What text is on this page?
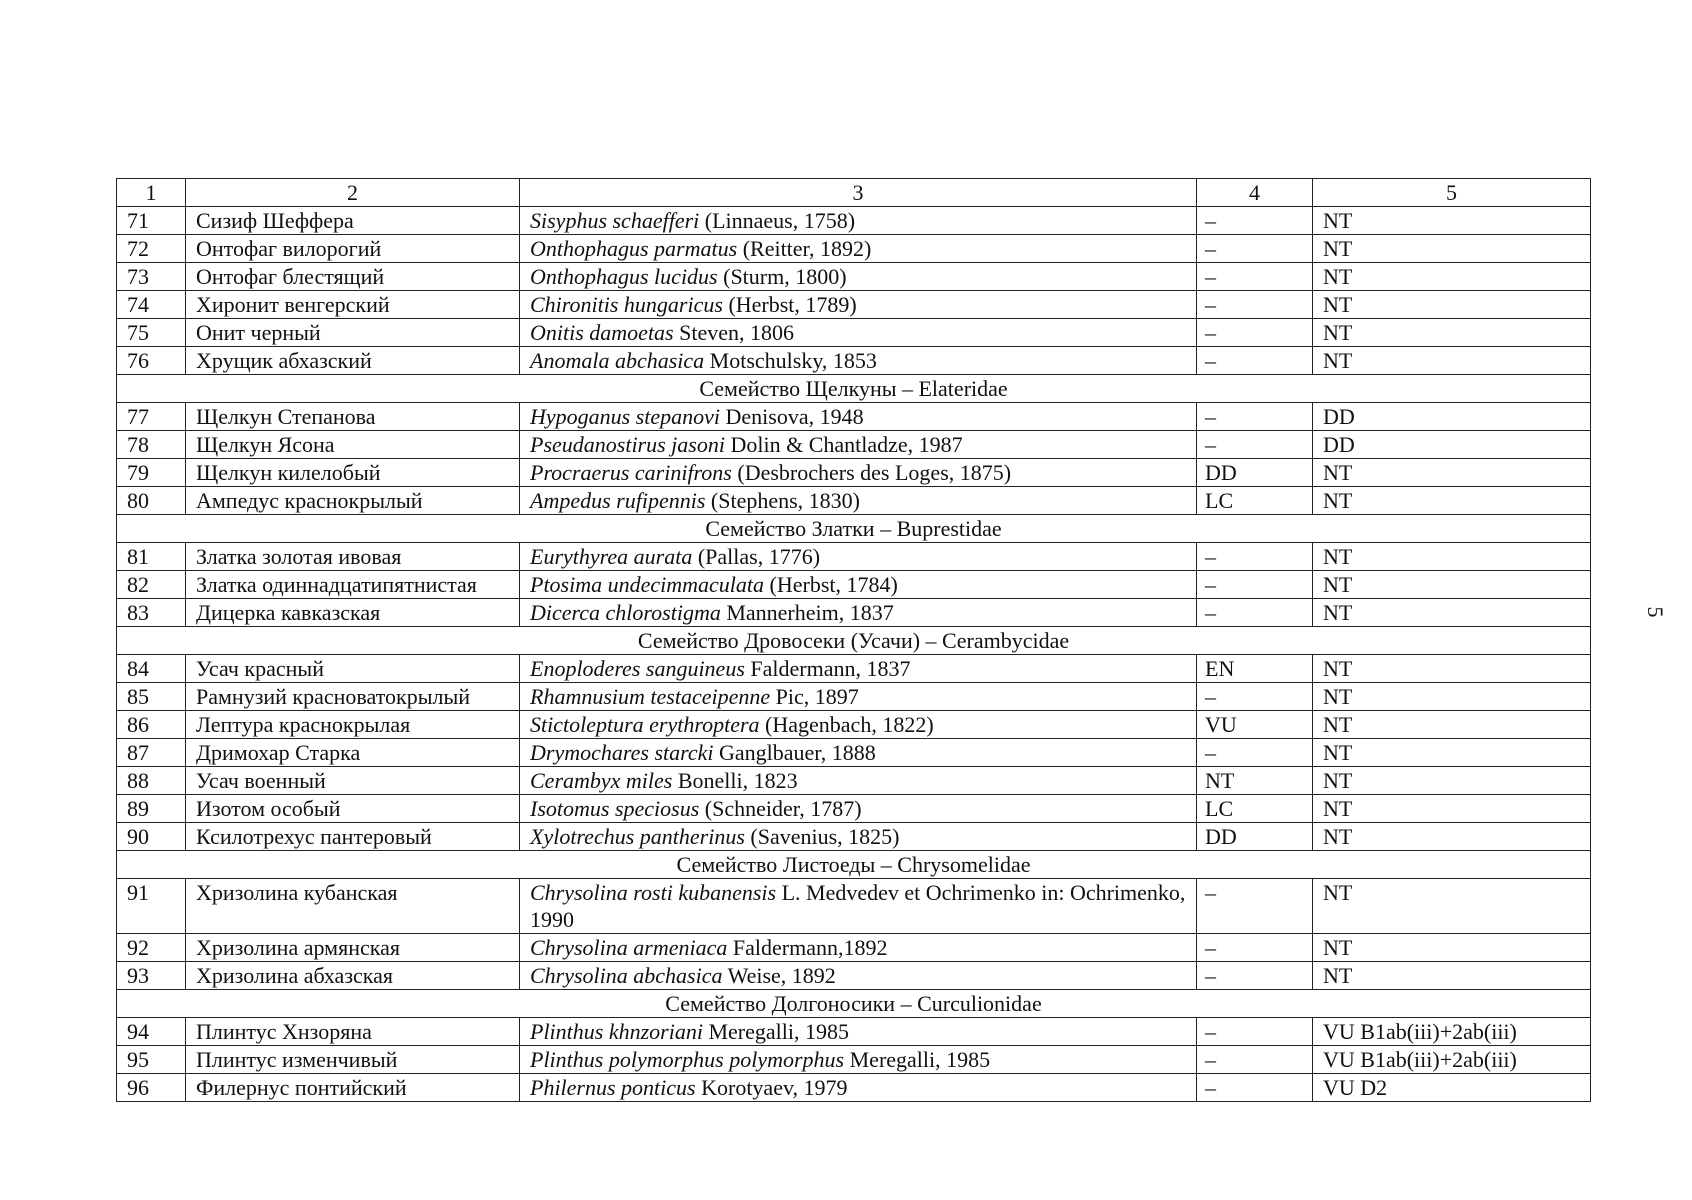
1	2	3	4	5
71	Сизиф Шеффера	Sisyphus schaefferi (Linnaeus, 1758)	–	NT
72	Онтофаг вилорогий	Onthophagus parmatus (Reitter, 1892)	–	NT
73	Онтофаг блестящий	Onthophagus lucidus (Sturm, 1800)	–	NT
74	Хиронит венгерский	Chironitis hungaricus (Herbst, 1789)	–	NT
75	Онит черный	Onitis damoetas Steven, 1806	–	NT
76	Хрущик абхазский	Anomala abchasica Motschulsky, 1853	–	NT
Семейство Щелкуны – Elateridae				
77	Щелкун Степанова	Hypoganus stepanovi Denisova, 1948	–	DD
78	Щелкун Ясона	Pseudanostirus jasoni Dolin & Chantladze, 1987	–	DD
79	Щелкун килелобый	Procraerus carinifrons (Desbrochers des Loges, 1875)	DD	NT
80	Ампедус краснокрылый	Ampedus rufipennis (Stephens, 1830)	LC	NT
Семейство Златки – Buprestidae				
81	Златка золотая ивовая	Eurythyrea aurata (Pallas, 1776)	–	NT
82	Златка одиннадцатипятнистая	Ptosima undecimmaculata (Herbst, 1784)	–	NT
83	Дицерка кавказская	Dicerca chlorostigma Mannerheim, 1837	–	NT
Семейство Дровосеки (Усачи) – Cerambycidae				
84	Усач красный	Enoploderes sanguineus Faldermann, 1837	EN	NT
85	Рамнузий красноватокрылый	Rhamnusium testaceipenne Pic, 1897	–	NT
86	Лептура краснокрылая	Stictoleptura erythroptera (Hagenbach, 1822)	VU	NT
87	Дримохар Старка	Drymochares starcki Ganglbauer, 1888	–	NT
88	Усач военный	Cerambyx miles Bonelli, 1823	NT	NT
89	Изотом особый	Isotomus speciosus (Schneider, 1787)	LC	NT
90	Ксилотрехус пантеровый	Xylotrechus pantherinus (Savenius, 1825)	DD	NT
Семейство Листоеды – Chrysomelidae				
91	Хризолина кубанская	Chrysolina rosti kubanensis L. Medvedev et Ochrimenko in: Ochrimenko, 1990	–	NT
92	Хризолина армянская	Chrysolina armeniaca Faldermann,1892	–	NT
93	Хризолина абхазская	Chrysolina abchasica Weise, 1892	–	NT
Семейство Долгоносики – Curculionidae				
94	Плинтус Хнзоряна	Plinthus khnzoriani Meregalli, 1985	–	VU B1ab(iii)+2ab(iii)
95	Плинтус изменчивый	Plinthus polymorphus polymorphus Meregalli, 1985	–	VU B1ab(iii)+2ab(iii)
96	Филернус понтийский	Philernus ponticus Korotyaev, 1979	–	VU D2
5
